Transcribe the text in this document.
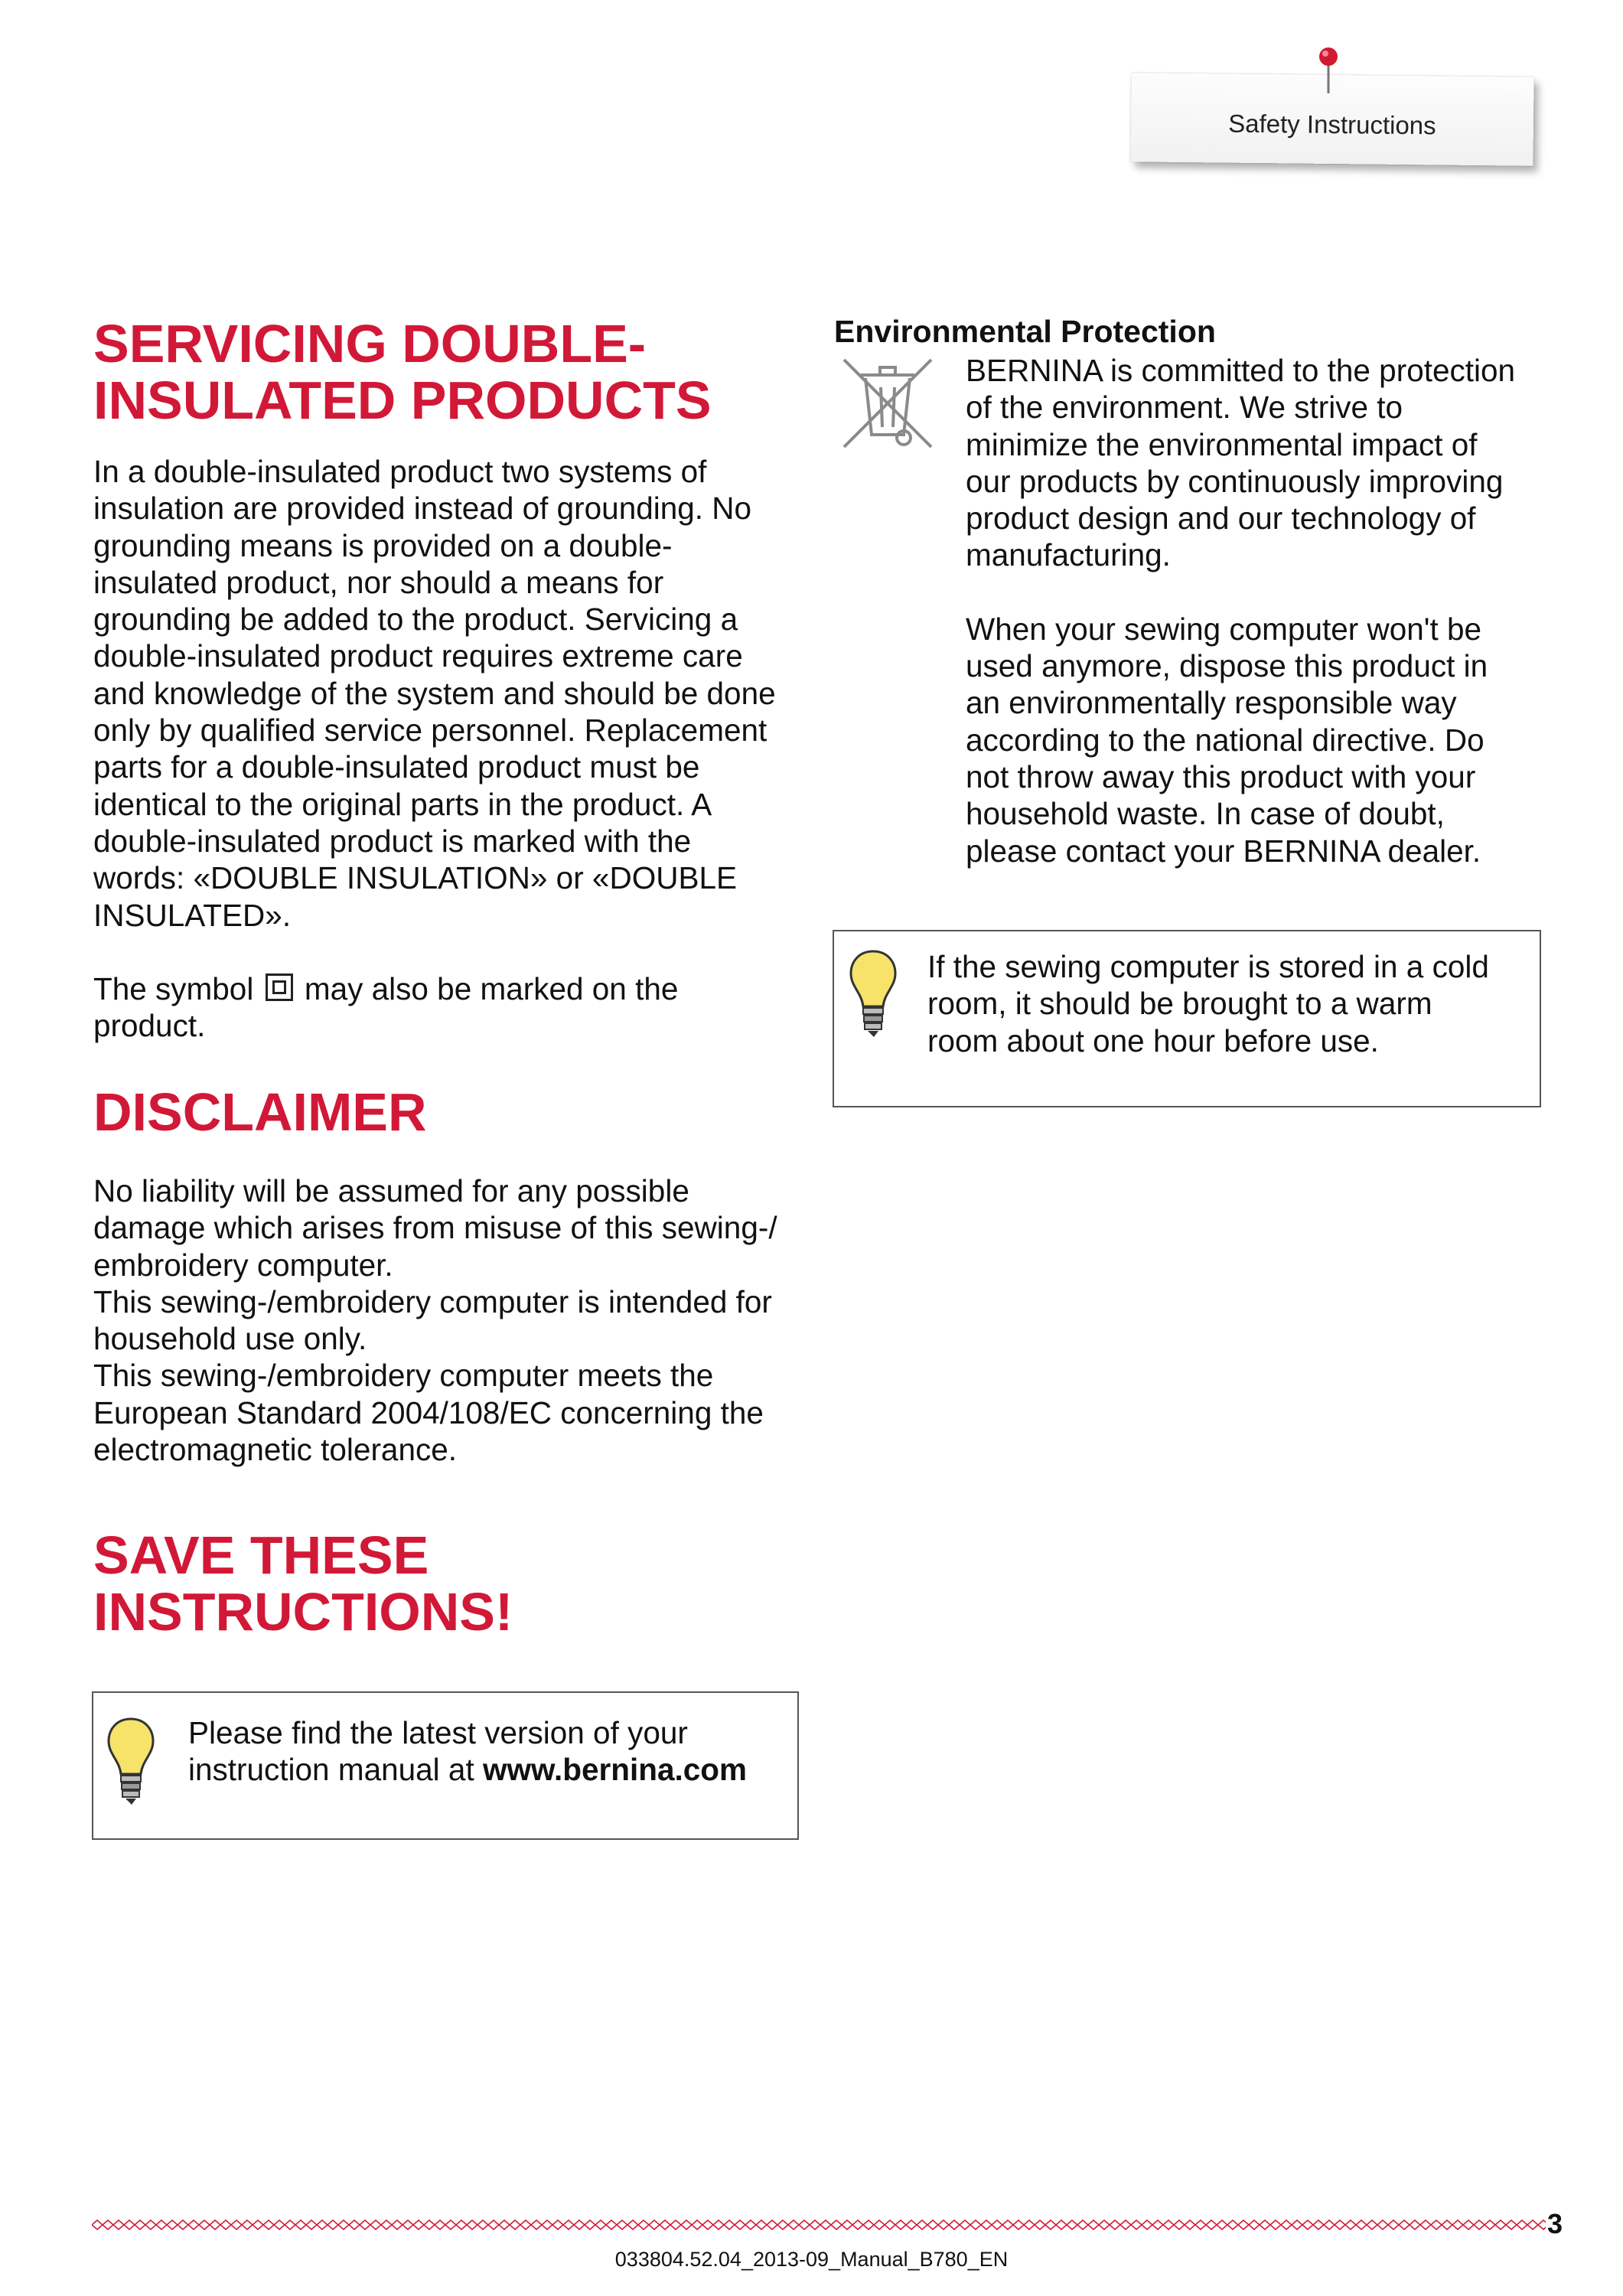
Safety Instructions
SERVICING DOUBLE-
INSULATED PRODUCTS

In a double-insulated product two systems of

insulation are provided instead of grounding. No

grounding means is provided on a double-

insulated product, nor should a means for

grounding be added to the product. Servicing a

double-insulated product requires extreme care

and knowledge of the system and should be done

only by qualified service personnel. Replacement

parts for a double-insulated product must be

identical to the original parts in the product. A

double-insulated product is marked with the

words: «DOUBLE INSULATION» or «DOUBLE

INSULATED».

The symbol may also be marked on the

product.

DISCLAIMER

No liability will be assumed for any possible

damage which arises from misuse of this sewing-/

embroidery computer.

This sewing-/embroidery computer is intended for

household use only.

This sewing-/embroidery computer meets the

European Standard 2004/108/EC concerning the

electromagnetic tolerance.

SAVE THESE
INSTRUCTIONS!
Please find the latest version of your
instruction manual at www.bernina.com
Environmental Protection

BERNINA is committed to the protection

of the environment. We strive to

minimize the environmental impact of

our products by continuously improving

product design and our technology of

manufacturing.

When your sewing computer won't be

used anymore, dispose this product in

an environmentally responsible way

according to the national directive. Do

not throw away this product with your

household waste. In case of doubt,

please contact your BERNINA dealer.

If the sewing computer is stored in a cold
room, it should be brought to a warm
room about one hour before use.
3
033804.52.04_2013-09_Manual_B780_EN
